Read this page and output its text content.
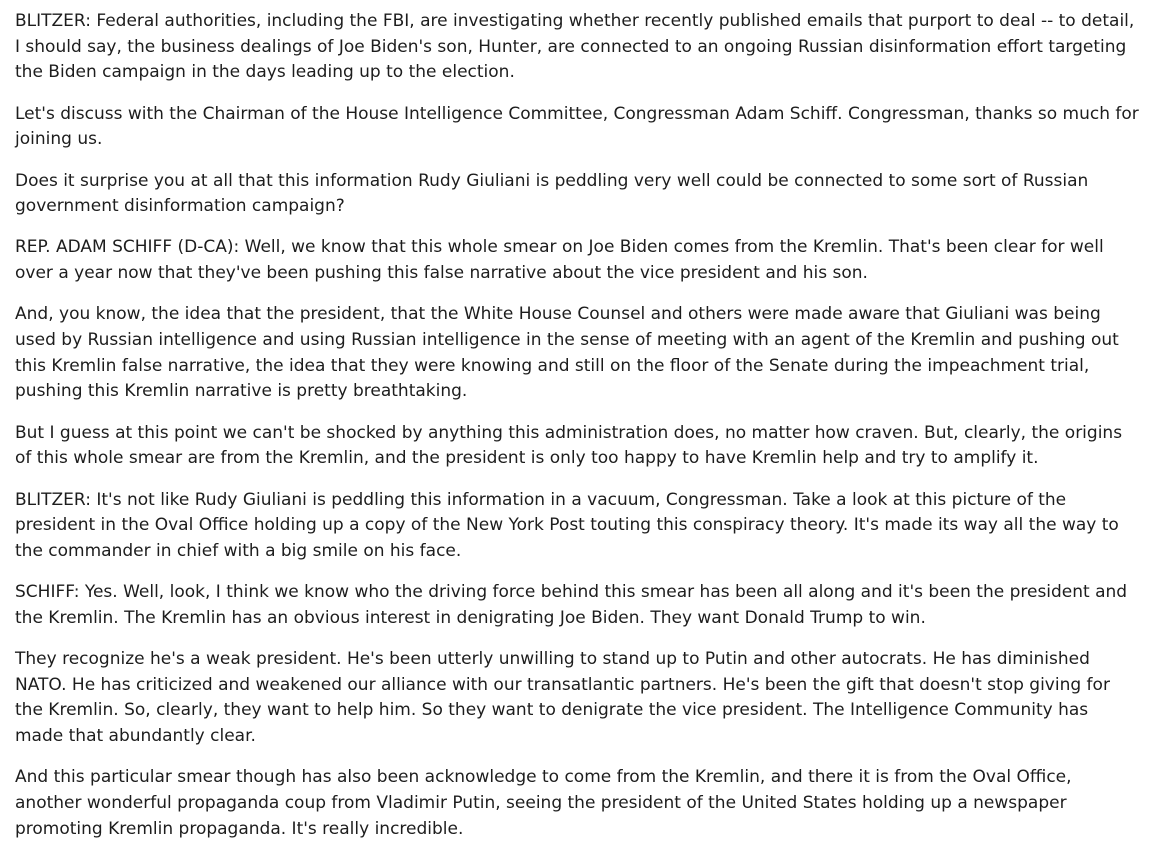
BLITZER: Federal authorities, including the FBI, are investigating whether recently published emails that purport to deal -- to detail, I should say, the business dealings of Joe Biden's son, Hunter, are connected to an ongoing Russian disinformation effort targeting the Biden campaign in the days leading up to the election.

Let's discuss with the Chairman of the House Intelligence Committee, Congressman Adam Schiff. Congressman, thanks so much for joining us.

Does it surprise you at all that this information Rudy Giuliani is peddling very well could be connected to some sort of Russian government disinformation campaign?

REP. ADAM SCHIFF (D-CA): Well, we know that this whole smear on Joe Biden comes from the Kremlin. That's been clear for well over a year now that they've been pushing this false narrative about the vice president and his son.

And, you know, the idea that the president, that the White House Counsel and others were made aware that Giuliani was being used by Russian intelligence and using Russian intelligence in the sense of meeting with an agent of the Kremlin and pushing out this Kremlin false narrative, the idea that they were knowing and still on the floor of the Senate during the impeachment trial, pushing this Kremlin narrative is pretty breathtaking.

But I guess at this point we can't be shocked by anything this administration does, no matter how craven. But, clearly, the origins of this whole smear are from the Kremlin, and the president is only too happy to have Kremlin help and try to amplify it.

BLITZER: It's not like Rudy Giuliani is peddling this information in a vacuum, Congressman. Take a look at this picture of the president in the Oval Office holding up a copy of the New York Post touting this conspiracy theory. It's made its way all the way to the commander in chief with a big smile on his face.

SCHIFF: Yes. Well, look, I think we know who the driving force behind this smear has been all along and it's been the president and the Kremlin. The Kremlin has an obvious interest in denigrating Joe Biden. They want Donald Trump to win.

They recognize he's a weak president. He's been utterly unwilling to stand up to Putin and other autocrats. He has diminished NATO. He has criticized and weakened our alliance with our transatlantic partners. He's been the gift that doesn't stop giving for the Kremlin. So, clearly, they want to help him. So they want to denigrate the vice president. The Intelligence Community has made that abundantly clear.

And this particular smear though has also been acknowledge to come from the Kremlin, and there it is from the Oval Office, another wonderful propaganda coup from Vladimir Putin, seeing the president of the United States holding up a newspaper promoting Kremlin propaganda. It's really incredible.
